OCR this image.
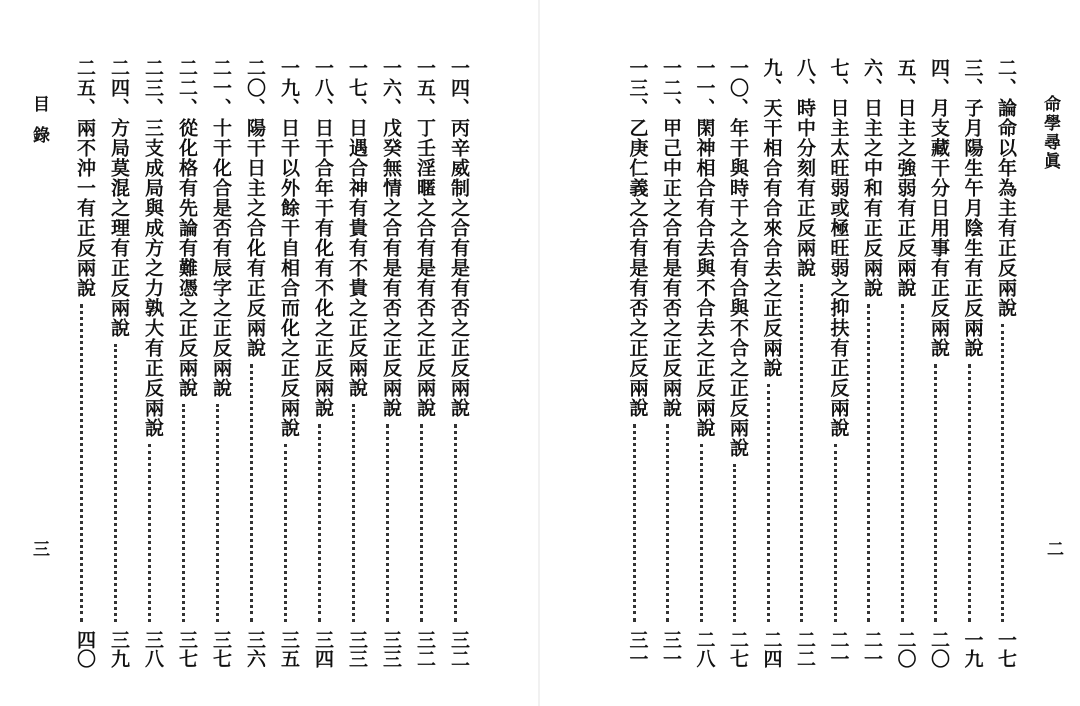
目錄
三
一四、丙辛威制之合有是有否之正反兩說
三二
一五、丁壬淫暱之合有是有否之正反兩說
三二
一六、戊癸無情之合有是有否之正反兩說
三三
一七、日遇合神有貴有不貴之正反兩說
三三
一八、日干合年干有化有不化之正反兩說
三四
一九、日干以外餘干自相合而化之正反兩說
三五
二〇、陽干日主之合化有正反兩說
三六
二一、十干化合是否有辰字之正反兩說
三七
二二、從化格有先論有難憑之正反兩說
三七
二三、三支成局與成方之力孰大有正反兩說
三八
二四、方局莫混之理有正反兩說
三九
二五、兩不沖一有正反兩說
四〇
命學尋眞
二
二、論命以年為主有正反兩說
一七
三、子月陽生午月陰生有正反兩說
一九
四、月支藏干分日用事有正反兩說
二〇
五、日主之強弱有正反兩說
二〇
六、日主之中和有正反兩說
二一
七、日主太旺弱或極旺弱之抑扶有正反兩說
二一
八、時中分刻有正反兩說
二二
九、天干相合有合來合去之正反兩說
二四
一〇、年干與時干之合有合與不合之正反兩說
二七
一一、閑神相合有合去與不合去之正反兩說
二八
一二、甲己中正之合有是有否之正反兩說
三一
一三、乙庚仁義之合有是有否之正反兩說
三一
